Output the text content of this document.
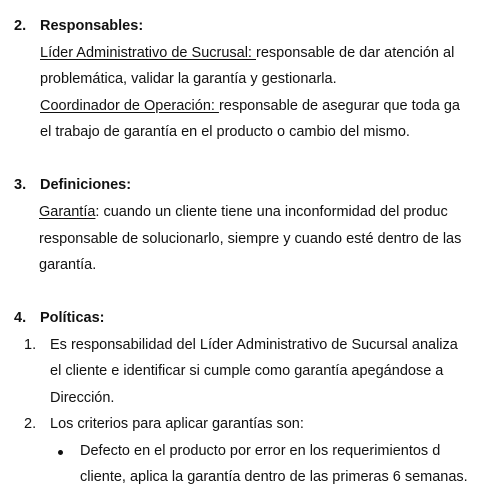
2. Responsables:
Líder Administrativo de Sucrusal: responsable de dar atención al
problemática, validar la garantía y gestionarla.
Coordinador de Operación: responsable de asegurar que toda ga
el trabajo de garantía en el producto o cambio del mismo.
3. Definiciones:
Garantía: cuando un cliente tiene una inconformidad del produc
responsable de solucionarlo, siempre y cuando esté dentro de las
garantía.
4. Políticas:
1. Es responsabilidad del Líder Administrativo de Sucursal analiza
el cliente e identificar si cumple como garantía apegándose a
Dirección.
2. Los criterios para aplicar garantías son:
Defecto en el producto por error en los requerimientos d
cliente, aplica la garantía dentro de las primeras 6 semanas.
